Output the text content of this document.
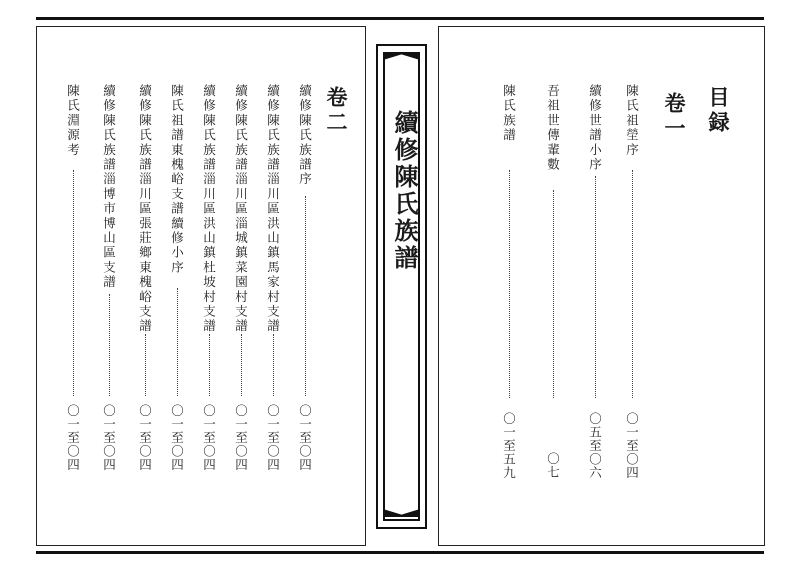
卷二
續修陳氏族譜序
〇一至〇四
續修陳氏族譜淄川區洪山鎮馬家村支譜
〇一至〇四
續修陳氏族譜淄川區淄城鎮菜園村支譜
〇一至〇四
續修陳氏族譜淄川區洪山鎮杜坡村支譜
〇一至〇四
陳氏祖譜東槐峪支譜續修小序
〇一至〇四
續修陳氏族譜淄川區張莊鄉東槐峪支譜
〇一至〇四
續修陳氏族譜淄博市博山區支譜
〇一至〇四
陳氏淵源考
〇一至〇四
續修陳氏族譜	目録
卷一
陳氏祖塋序
〇一至〇四
續修世譜小序
〇五至〇六
吾祖世傳輩數
〇七
陳氏族譜
〇一至五九
